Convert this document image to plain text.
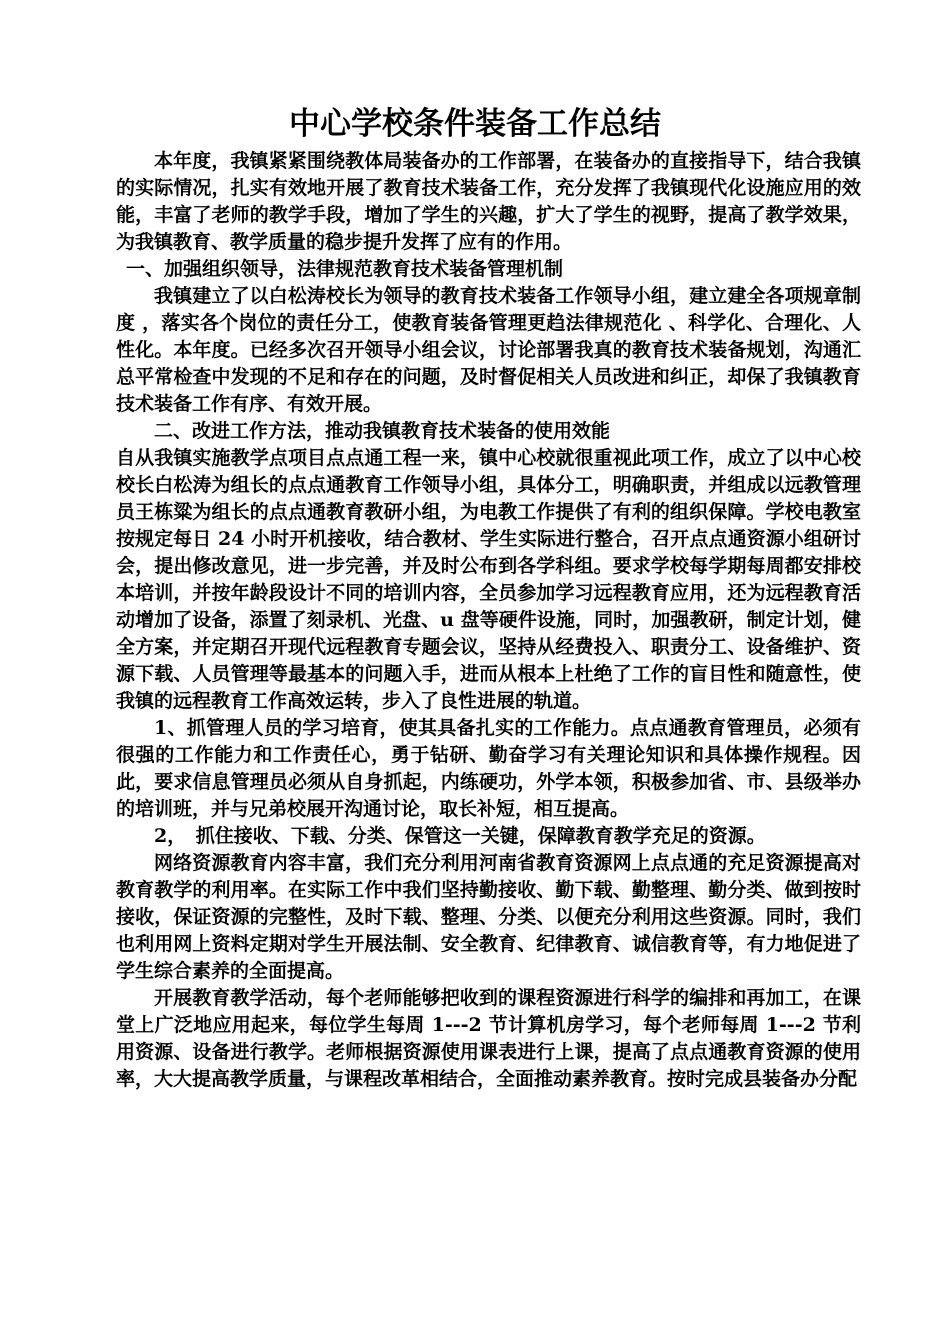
中心学校条件装备工作总结

本年度，我镇紧紧围绕教体局装备办的工作部署，在装备办的直接指导下，结合我镇的实际情况，扎实有效地开展了教育技术装备工作，充分发挥了我镇现代化设施应用的效能，丰富了老师的教学手段，增加了学生的兴趣，扩大了学生的视野，提高了教学效果，为我镇教育、教学质量的稳步提升发挥了应有的作用。

一、加强组织领导，法律规范教育技术装备管理机制

我镇建立了以白松涛校长为领导的教育技术装备工作领导小组，建立建全各项规章制度 ，落实各个岗位的责任分工，使教育装备管理更趋法律规范化 、科学化、合理化、人性化。本年度。已经多次召开领导小组会议，讨论部署我真的教育技术装备规划，沟通汇总平常检查中发现的不足和存在的问题，及时督促相关人员改进和纠正，却保了我镇教育技术装备工作有序、有效开展。

二、改进工作方法，推动我镇教育技术装备的使用效能

自从我镇实施教学点项目点点通工程一来，镇中心校就很重视此项工作，成立了以中心校校长白松涛为组长的点点通教育工作领导小组，具体分工，明确职责，并组成以远教管理员王栋粱为组长的点点通教育教研小组，为电教工作提供了有利的组织保障。学校电教室按规定每日 24 小时开机接收，结合教材、学生实际进行整合，召开点点通资源小组研讨会，提出修改意见，进一步完善，并及时公布到各学科组。要求学校每学期每周都安排校本培训，并按年龄段设计不同的培训内容，全员参加学习远程教育应用，还为远程教育活动增加了设备，添置了刻录机、光盘、u 盘等硬件设施，同时，加强教研，制定计划，健全方案，并定期召开现代远程教育专题会议，坚持从经费投入、职责分工、设备维护、资源下载、人员管理等最基本的问题入手，进而从根本上杜绝了工作的盲目性和随意性，使我镇的远程教育工作高效运转，步入了良性进展的轨道。

1、抓管理人员的学习培育，使其具备扎实的工作能力。点点通教育管理员，必须有很强的工作能力和工作责任心，勇于钻研、勤奋学习有关理论知识和具体操作规程。因此，要求信息管理员必须从自身抓起，内练硬功，外学本领，积极参加省、市、县级举办的培训班，并与兄弟校展开沟通讨论，取长补短，相互提高。

2，　抓住接收、下载、分类、保管这一关键，保障教育教学充足的资源。

网络资源教育内容丰富，我们充分利用河南省教育资源网上点点通的充足资源提高对教育教学的利用率。在实际工作中我们坚持勤接收、勤下载、勤整理、勤分类、做到按时接收，保证资源的完整性，及时下载、整理、分类、以便充分利用这些资源。同时，我们也利用网上资料定期对学生开展法制、安全教育、纪律教育、诚信教育等，有力地促进了学生综合素养的全面提高。

开展教育教学活动，每个老师能够把收到的课程资源进行科学的编排和再加工，在课堂上广泛地应用起来，每位学生每周 1---2 节计算机房学习，每个老师每周 1---2 节利用资源、设备进行教学。老师根据资源使用课表进行上课，提高了点点通教育资源的使用率，大大提高教学质量，与课程改革相结合，全面推动素养教育。按时完成县装备办分配
